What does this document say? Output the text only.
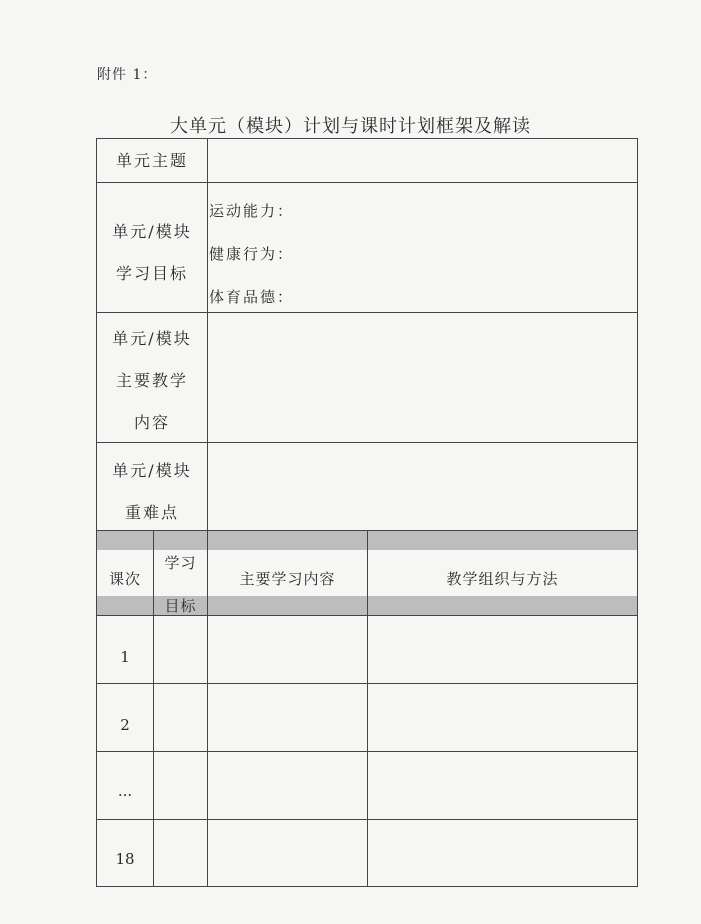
附件 1：
大单元（模块）计划与课时计划框架及解读
单元主题
单元/模块
学习目标
运动能力：
健康行为：
体育品德：
单元/模块
主要教学
内容
单元/模块
重难点
课次
学习
目标
主要学习内容	教学组织与方法
1
2
...
18
